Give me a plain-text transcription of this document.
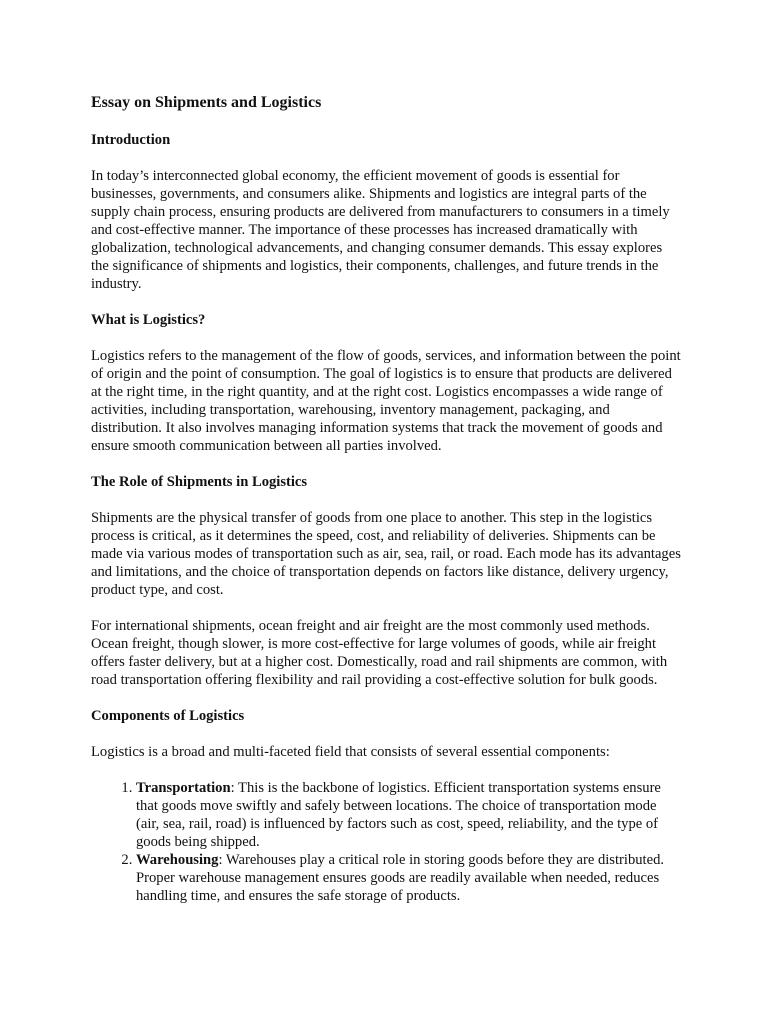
Essay on Shipments and Logistics
Introduction

In today’s interconnected global economy, the efficient movement of goods is essential for businesses, governments, and consumers alike. Shipments and logistics are integral parts of the supply chain process, ensuring products are delivered from manufacturers to consumers in a timely and cost-effective manner. The importance of these processes has increased dramatically with globalization, technological advancements, and changing consumer demands. This essay explores the significance of shipments and logistics, their components, challenges, and future trends in the industry.

What is Logistics?

Logistics refers to the management of the flow of goods, services, and information between the point of origin and the point of consumption. The goal of logistics is to ensure that products are delivered at the right time, in the right quantity, and at the right cost. Logistics encompasses a wide range of activities, including transportation, warehousing, inventory management, packaging, and distribution. It also involves managing information systems that track the movement of goods and ensure smooth communication between all parties involved.

The Role of Shipments in Logistics

Shipments are the physical transfer of goods from one place to another. This step in the logistics process is critical, as it determines the speed, cost, and reliability of deliveries. Shipments can be made via various modes of transportation such as air, sea, rail, or road. Each mode has its advantages and limitations, and the choice of transportation depends on factors like distance, delivery urgency, product type, and cost.

For international shipments, ocean freight and air freight are the most commonly used methods. Ocean freight, though slower, is more cost-effective for large volumes of goods, while air freight offers faster delivery, but at a higher cost. Domestically, road and rail shipments are common, with road transportation offering flexibility and rail providing a cost-effective solution for bulk goods.

Components of Logistics

Logistics is a broad and multi-faceted field that consists of several essential components:

1. Transportation: This is the backbone of logistics. Efficient transportation systems ensure that goods move swiftly and safely between locations. The choice of transportation mode (air, sea, rail, road) is influenced by factors such as cost, speed, reliability, and the type of goods being shipped.
2. Warehousing: Warehouses play a critical role in storing goods before they are distributed. Proper warehouse management ensures goods are readily available when needed, reduces handling time, and ensures the safe storage of products.
